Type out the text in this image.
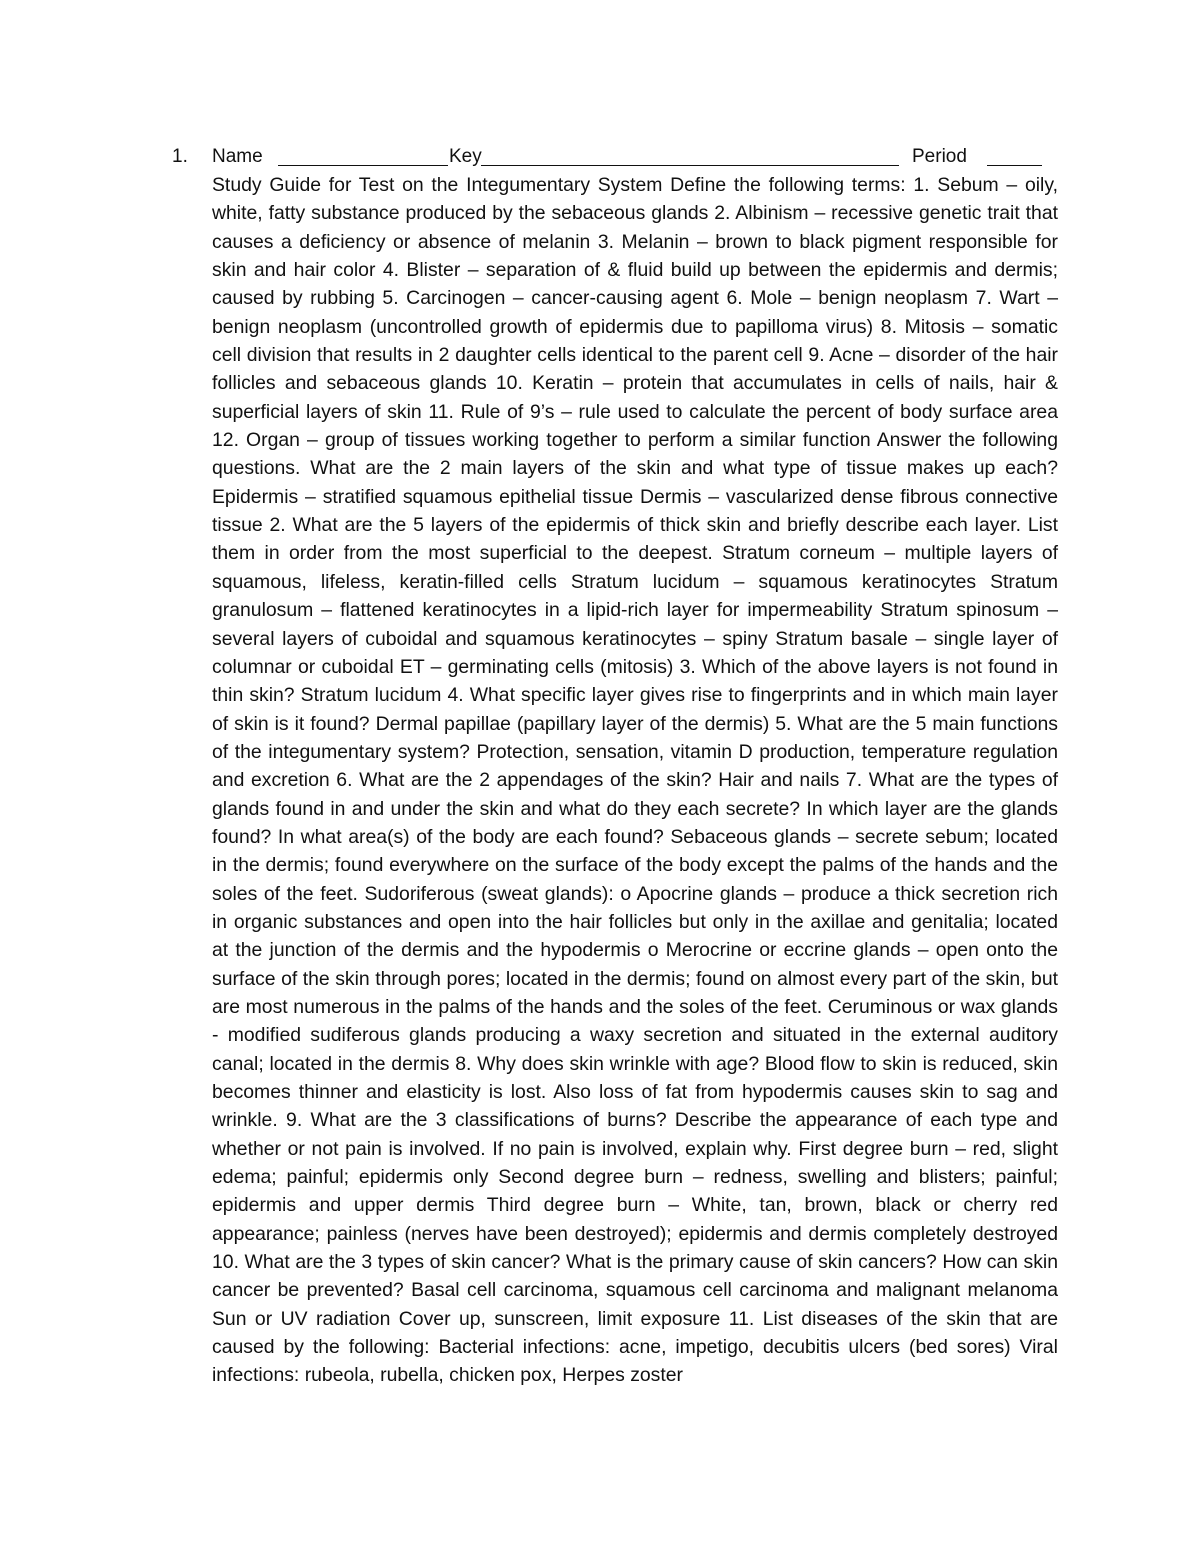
1. Name	Key	Period

Study Guide for Test on the Integumentary System Define the following terms: 1. Sebum – oily, white, fatty substance produced by the sebaceous glands 2. Albinism – recessive genetic trait that causes a deficiency or absence of melanin 3. Melanin – brown to black pigment responsible for skin and hair color 4. Blister – separation of & fluid build up between the epidermis and dermis; caused by rubbing 5. Carcinogen – cancer-causing agent 6. Mole – benign neoplasm 7. Wart – benign neoplasm (uncontrolled growth of epidermis due to papilloma virus) 8. Mitosis – somatic cell division that results in 2 daughter cells identical to the parent cell 9. Acne – disorder of the hair follicles and sebaceous glands 10. Keratin – protein that accumulates in cells of nails, hair & superficial layers of skin 11. Rule of 9’s – rule used to calculate the percent of body surface area 12. Organ – group of tissues working together to perform a similar function Answer the following questions. What are the 2 main layers of the skin and what type of tissue makes up each? Epidermis – stratified squamous epithelial tissue Dermis – vascularized dense fibrous connective tissue 2. What are the 5 layers of the epidermis of thick skin and briefly describe each layer. List them in order from the most superficial to the deepest. Stratum corneum – multiple layers of squamous, lifeless, keratin-filled cells Stratum lucidum – squamous keratinocytes Stratum granulosum – flattened keratinocytes in a lipid-rich layer for impermeability Stratum spinosum – several layers of cuboidal and squamous keratinocytes – spiny Stratum basale – single layer of columnar or cuboidal ET – germinating cells (mitosis) 3. Which of the above layers is not found in thin skin? Stratum lucidum 4. What specific layer gives rise to fingerprints and in which main layer of skin is it found? Dermal papillae (papillary layer of the dermis) 5. What are the 5 main functions of the integumentary system? Protection, sensation, vitamin D production, temperature regulation and excretion 6. What are the 2 appendages of the skin? Hair and nails 7. What are the types of glands found in and under the skin and what do they each secrete? In which layer are the glands found? In what area(s) of the body are each found? Sebaceous glands – secrete sebum; located in the dermis; found everywhere on the surface of the body except the palms of the hands and the soles of the feet. Sudoriferous (sweat glands): o Apocrine glands – produce a thick secretion rich in organic substances and open into the hair follicles but only in the axillae and genitalia; located at the junction of the dermis and the hypodermis o Merocrine or eccrine glands – open onto the surface of the skin through pores; located in the dermis; found on almost every part of the skin, but are most numerous in the palms of the hands and the soles of the feet. Ceruminous or wax glands - modified sudiferous glands producing a waxy secretion and situated in the external auditory canal; located in the dermis 8. Why does skin wrinkle with age? Blood flow to skin is reduced, skin becomes thinner and elasticity is lost. Also loss of fat from hypodermis causes skin to sag and wrinkle. 9. What are the 3 classifications of burns? Describe the appearance of each type and whether or not pain is involved. If no pain is involved, explain why. First degree burn – red, slight edema; painful; epidermis only Second degree burn – redness, swelling and blisters; painful; epidermis and upper dermis Third degree burn – White, tan, brown, black or cherry red appearance; painless (nerves have been destroyed); epidermis and dermis completely destroyed 10. What are the 3 types of skin cancer? What is the primary cause of skin cancers? How can skin cancer be prevented? Basal cell carcinoma, squamous cell carcinoma and malignant melanoma Sun or UV radiation Cover up, sunscreen, limit exposure 11. List diseases of the skin that are caused by the following: Bacterial infections: acne, impetigo, decubitis ulcers (bed sores) Viral infections: rubeola, rubella, chicken pox, Herpes zoster
